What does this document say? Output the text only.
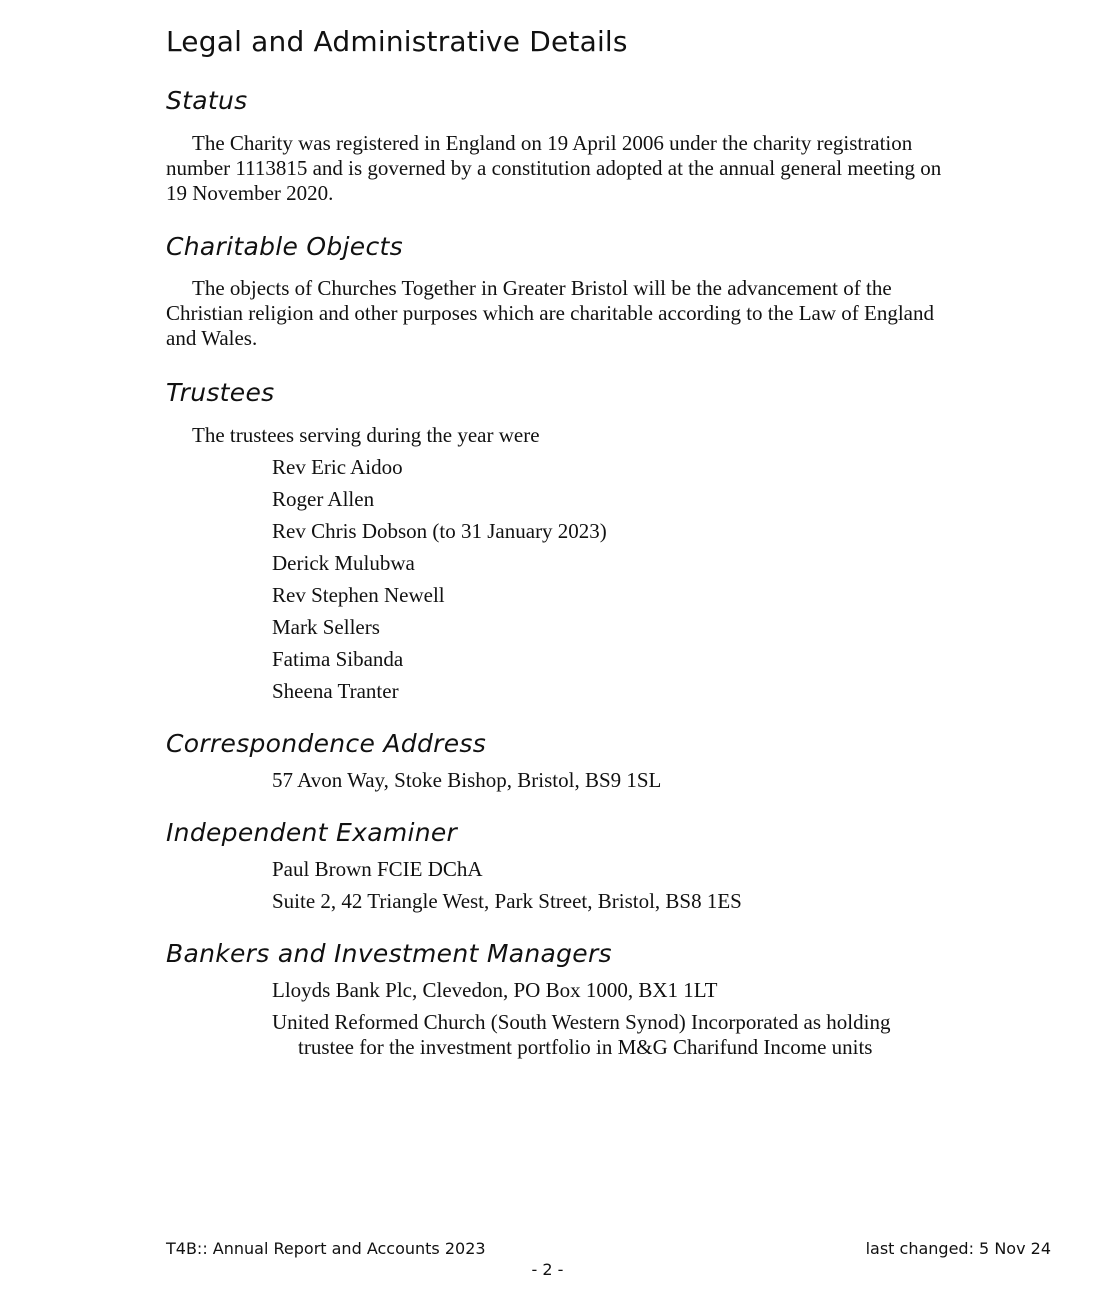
Legal and Administrative Details
Status

The Charity was registered in England on 19 April 2006 under the charity registration number 1113815 and is governed by a constitution adopted at the annual general meeting on 19 November 2020.

Charitable Objects

The objects of Churches Together in Greater Bristol will be the advancement of the Christian religion and other purposes which are charitable according to the Law of England and Wales.

Trustees

The trustees serving during the year were

Rev Eric Aidoo

Roger Allen

Rev Chris Dobson (to 31 January 2023)

Derick Mulubwa

Rev Stephen Newell

Mark Sellers

Fatima Sibanda

Sheena Tranter

Correspondence Address

57 Avon Way, Stoke Bishop, Bristol, BS9 1SL

Independent Examiner

Paul Brown FCIE DChA

Suite 2, 42 Triangle West, Park Street, Bristol, BS8 1ES

Bankers and Investment Managers

Lloyds Bank Plc, Clevedon, PO Box 1000, BX1 1LT

United Reformed Church (South Western Synod) Incorporated as holding trustee for the investment portfolio in M&G Charifund Income units

T4B:: Annual Report and Accounts 2023	last changed: 5 Nov 24
- 2 -
